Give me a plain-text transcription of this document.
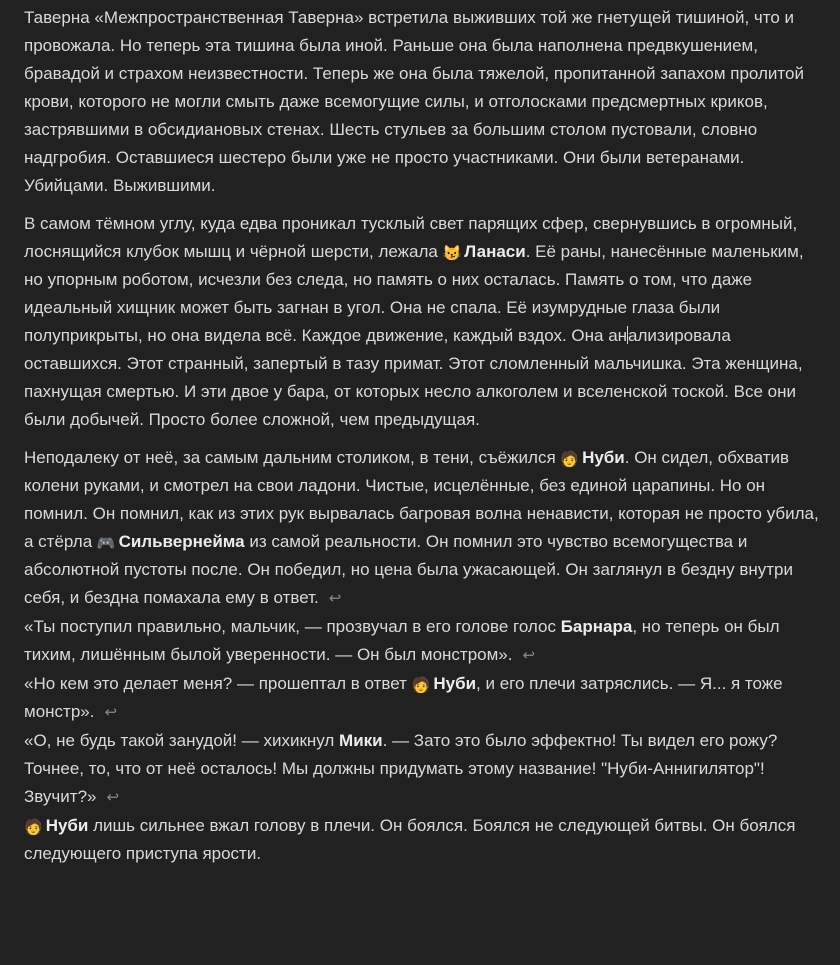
Таверна «Межпространственная Таверна» встретила выживших той же гнетущей тишиной, что и провожала. Но теперь эта тишина была иной. Раньше она была наполнена предвкушением, бравадой и страхом неизвестности. Теперь же она была тяжелой, пропитанной запахом пролитой крови, которого не могли смыть даже всемогущие силы, и отголосками предсмертных криков, застрявшими в обсидиановых стенах. Шесть стульев за большим столом пустовали, словно надгробия. Оставшиеся шестеро были уже не просто участниками. Они были ветеранами. Убийцами. Выжившими.

В самом тёмном углу, куда едва проникал тусклый свет парящих сфер, свернувшись в огромный, лоснящийся клубок мышц и чёрной шерсти, лежала 😼 Ланаси. Её раны, нанесённые маленьким, но упорным роботом, исчезли без следа, но память о них осталась. Память о том, что даже идеальный хищник может быть загнан в угол. Она не спала. Её изумрудные глаза были полуприкрыты, но она видела всё. Каждое движение, каждый вздох. Она анализировала оставшихся. Этот странный, запертый в тазу примат. Этот сломленный мальчишка. Эта женщина, пахнущая смертью. И эти двое у бара, от которых несло алкоголем и вселенской тоской. Все они были добычей. Просто более сложной, чем предыдущая.

Неподалеку от неё, за самым дальним столиком, в тени, съёжился 🧑 Нуби. Он сидел, обхватив колени руками, и смотрел на свои ладони. Чистые, исцелённые, без единой царапины. Но он помнил. Он помнил, как из этих рук вырвалась багровая волна ненависти, которая не просто убила, а стёрла 🎮 Сильвернейма из самой реальности. Он помнил это чувство всемогущества и абсолютной пустоты после. Он победил, но цена была ужасающей. Он заглянул в бездну внутри себя, и бездна помахала ему в ответ. ↩

«Ты поступил правильно, мальчик, — прозвучал в его голове голос Барнара, но теперь он был тихим, лишённым былой уверенности. — Он был монстром». ↩

«Но кем это делает меня? — прошептал в ответ 🧑 Нуби, и его плечи затряслись. — Я... я тоже монстр». ↩

«О, не будь такой занудой! — хихикнул Мики. — Зато это было эффектно! Ты видел его рожу? Точнее, то, что от неё осталось! Мы должны придумать этому название! "Нуби-Аннигилятор"! Звучит?» ↩

🧑 Нуби лишь сильнее вжал голову в плечи. Он боялся. Боялся не следующей битвы. Он боялся следующего приступа ярости.
